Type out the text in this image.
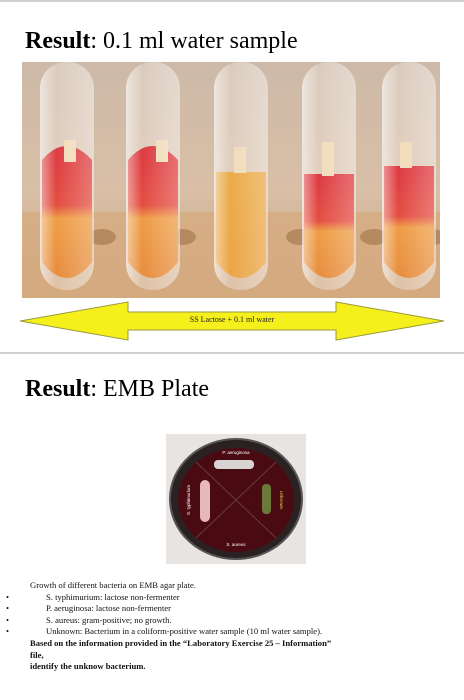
Result: 0.1 ml water sample
SS Lactose + 0.1 ml water
Result: EMB Plate
P. aeruginosa
S. typhimurium
S. aureus
Unknown
Growth of different bacteria on EMB agar plate.
•	S. typhimurium: lactose non-fermenter
•	P. aeruginosa: lactose non-fermenter
•	S. aureus: gram-positive; no growth.
•	Unknown: Bacterium in a coliform-positive water sample (10 ml water sample).
Based on the information provided in the “Laboratory Exercise 25 – Information”
file,
identify the unknow bacterium.
